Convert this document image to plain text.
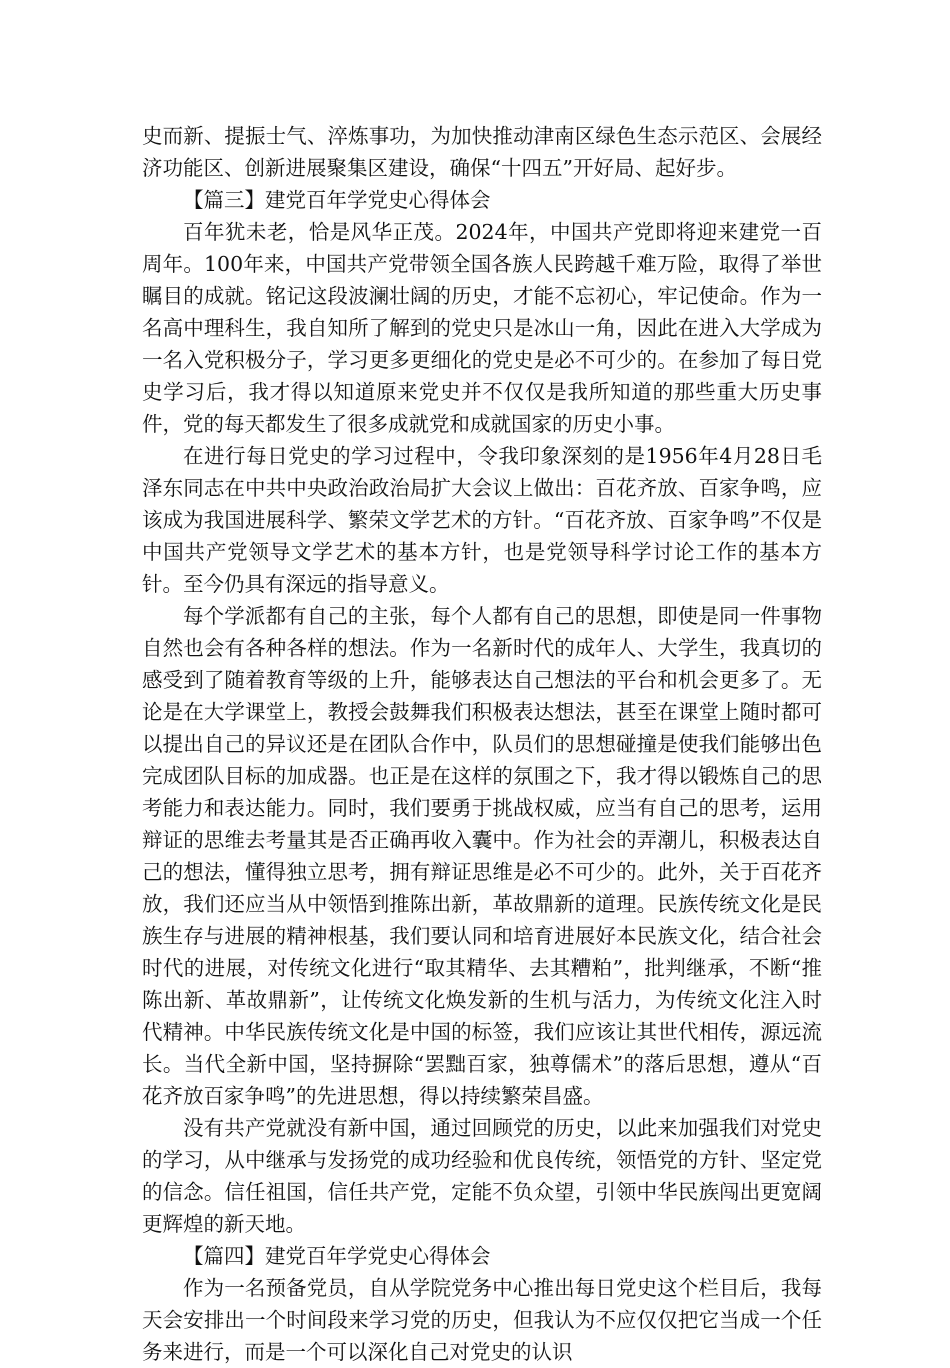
史而新、提振士气、淬炼事功，为加快推动津南区绿色生态示范区、会展经济功能区、创新进展聚集区建设，确保“十四五”开好局、起好步。

【篇三】建党百年学党史心得体会

百年犹未老，恰是风华正茂。2024年，中国共产党即将迎来建党一百周年。100年来，中国共产党带领全国各族人民跨越千难万险，取得了举世瞩目的成就。铭记这段波澜壮阔的历史，才能不忘初心，牢记使命。作为一名高中理科生，我自知所了解到的党史只是冰山一角，因此在进入大学成为一名入党积极分子，学习更多更细化的党史是必不可少的。在参加了每日党史学习后，我才得以知道原来党史并不仅仅是我所知道的那些重大历史事件，党的每天都发生了很多成就党和成就国家的历史小事。

在进行每日党史的学习过程中，令我印象深刻的是1956年4月28日毛泽东同志在中共中央政治政治局扩大会议上做出：百花齐放、百家争鸣，应该成为我国进展科学、繁荣文学艺术的方针。“百花齐放、百家争鸣”不仅是中国共产党领导文学艺术的基本方针，也是党领导科学讨论工作的基本方针。至今仍具有深远的指导意义。

每个学派都有自己的主张，每个人都有自己的思想，即使是同一件事物自然也会有各种各样的想法。作为一名新时代的成年人、大学生，我真切的感受到了随着教育等级的上升，能够表达自己想法的平台和机会更多了。无论是在大学课堂上，教授会鼓舞我们积极表达想法，甚至在课堂上随时都可以提出自己的异议还是在团队合作中，队员们的思想碰撞是使我们能够出色完成团队目标的加成器。也正是在这样的氛围之下，我才得以锻炼自己的思考能力和表达能力。同时，我们要勇于挑战权威，应当有自己的思考，运用辩证的思维去考量其是否正确再收入囊中。作为社会的弄潮儿，积极表达自己的想法，懂得独立思考，拥有辩证思维是必不可少的。此外，关于百花齐放，我们还应当从中领悟到推陈出新，革故鼎新的道理。民族传统文化是民族生存与进展的精神根基，我们要认同和培育进展好本民族文化，结合社会时代的进展，对传统文化进行“取其精华、去其糟粕”，批判继承，不断“推陈出新、革故鼎新”，让传统文化焕发新的生机与活力，为传统文化注入时代精神。中华民族传统文化是中国的标签，我们应该让其世代相传，源远流长。当代全新中国，坚持摒除“罢黜百家，独尊儒术”的落后思想，遵从“百花齐放百家争鸣”的先进思想，得以持续繁荣昌盛。

没有共产党就没有新中国，通过回顾党的历史，以此来加强我们对党史的学习，从中继承与发扬党的成功经验和优良传统，领悟党的方针、坚定党的信念。信任祖国，信任共产党，定能不负众望，引领中华民族闯出更宽阔更辉煌的新天地。

【篇四】建党百年学党史心得体会

作为一名预备党员，自从学院党务中心推出每日党史这个栏目后，我每天会安排出一个时间段来学习党的历史，但我认为不应仅仅把它当成一个任务来进行，而是一个可以深化自己对党史的认识
